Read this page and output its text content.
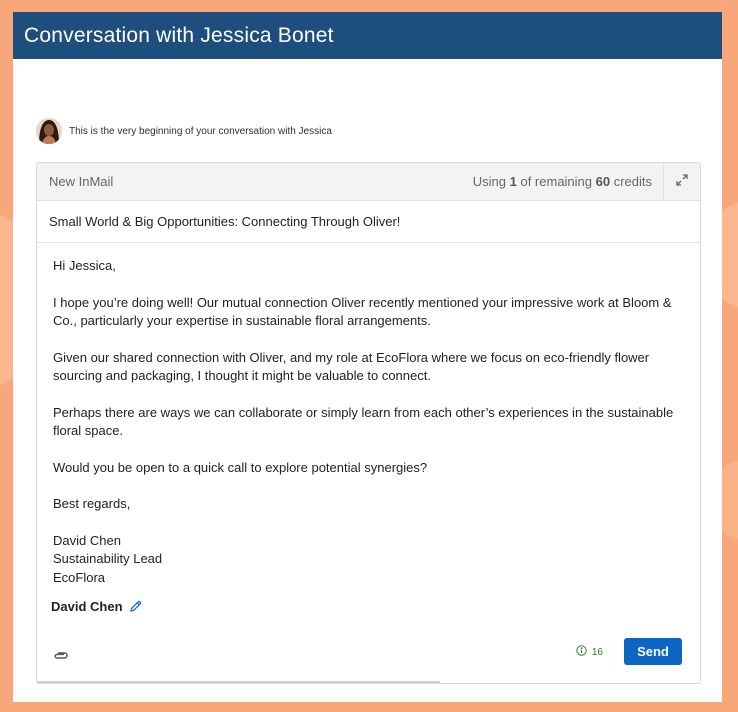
Conversation with Jessica Bonet
This is the very beginning of your conversation with Jessica
New InMail	Using 1 of remaining 60 credits
Small World & Big Opportunities: Connecting Through Oliver!

Hi Jessica,

I hope you’re doing well! Our mutual connection Oliver recently mentioned your impressive work at Bloom & Co., particularly your expertise in sustainable floral arrangements.

Given our shared connection with Oliver, and my role at EcoFlora where we focus on eco-friendly flower sourcing and packaging, I thought it might be valuable to connect.

Perhaps there are ways we can collaborate or simply learn from each other’s experiences in the sustainable floral space.

Would you be open to a quick call to explore potential synergies?

Best regards,

David Chen
Sustainability Lead
EcoFlora
David Chen
16	Send
